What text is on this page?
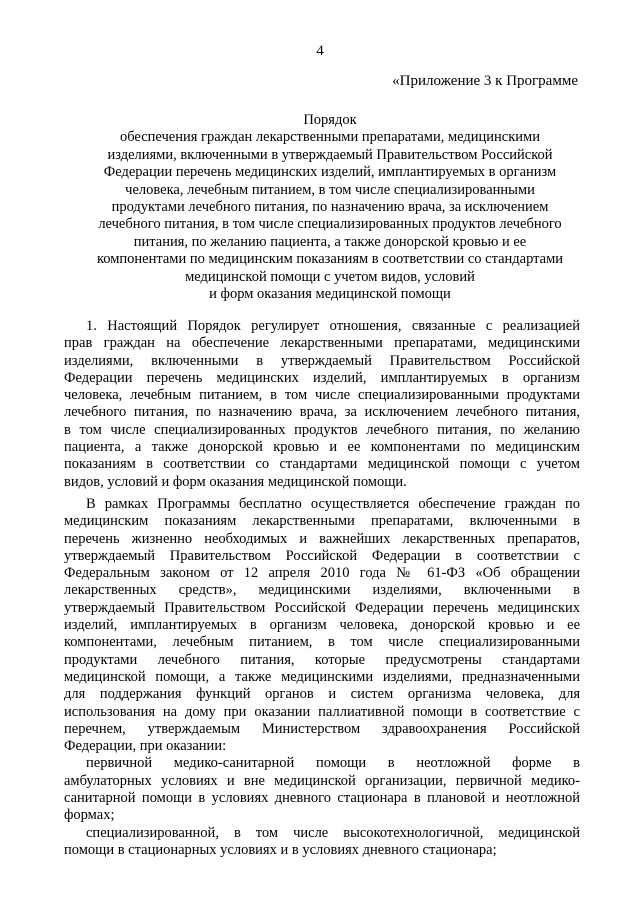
4
«Приложение 3 к Программе
Порядок
обеспечения граждан лекарственными препаратами, медицинскими
изделиями, включенными в утверждаемый Правительством Российской
Федерации перечень медицинских изделий, имплантируемых в организм
человека, лечебным питанием, в том числе специализированными
продуктами лечебного питания, по назначению врача, за исключением
лечебного питания, в том числе специализированных продуктов лечебного
питания, по желанию пациента, а также донорской кровью и ее
компонентами по медицинским показаниям в соответствии со стандартами
медицинской помощи с учетом видов, условий
и форм оказания медицинской помощи
1. Настоящий Порядок регулирует отношения, связанные с реализацией
прав граждан на обеспечение лекарственными препаратами, медицинскими
изделиями, включенными в утверждаемый Правительством Российской
Федерации перечень медицинских изделий, имплантируемых в организм
человека, лечебным питанием, в том числе специализированными продуктами
лечебного питания, по назначению врача, за исключением лечебного питания,
в том числе специализированных продуктов лечебного питания, по желанию
пациента, а также донорской кровью и ее компонентами по медицинским
показаниям в соответствии со стандартами медицинской помощи с учетом
видов, условий и форм оказания медицинской помощи.
В рамках Программы бесплатно осуществляется обеспечение граждан по
медицинским показаниям лекарственными препаратами, включенными в
перечень жизненно необходимых и важнейших лекарственных препаратов,
утверждаемый Правительством Российской Федерации в соответствии с
Федеральным законом от 12 апреля 2010 года № 61-ФЗ «Об обращении
лекарственных средств», медицинскими изделиями, включенными в
утверждаемый Правительством Российской Федерации перечень медицинских
изделий, имплантируемых в организм человека, донорской кровью и ее
компонентами, лечебным питанием, в том числе специализированными
продуктами лечебного питания, которые предусмотрены стандартами
медицинской помощи, а также медицинскими изделиями, предназначенными
для поддержания функций органов и систем организма человека, для
использования на дому при оказании паллиативной помощи в соответствие с
перечнем, утверждаемым Министерством здравоохранения Российской
Федерации, при оказании:
первичной медико-санитарной помощи в неотложной форме в
амбулаторных условиях и вне медицинской организации, первичной медико-
санитарной помощи в условиях дневного стационара в плановой и неотложной
формах;
специализированной, в том числе высокотехнологичной, медицинской
помощи в стационарных условиях и в условиях дневного стационара;
